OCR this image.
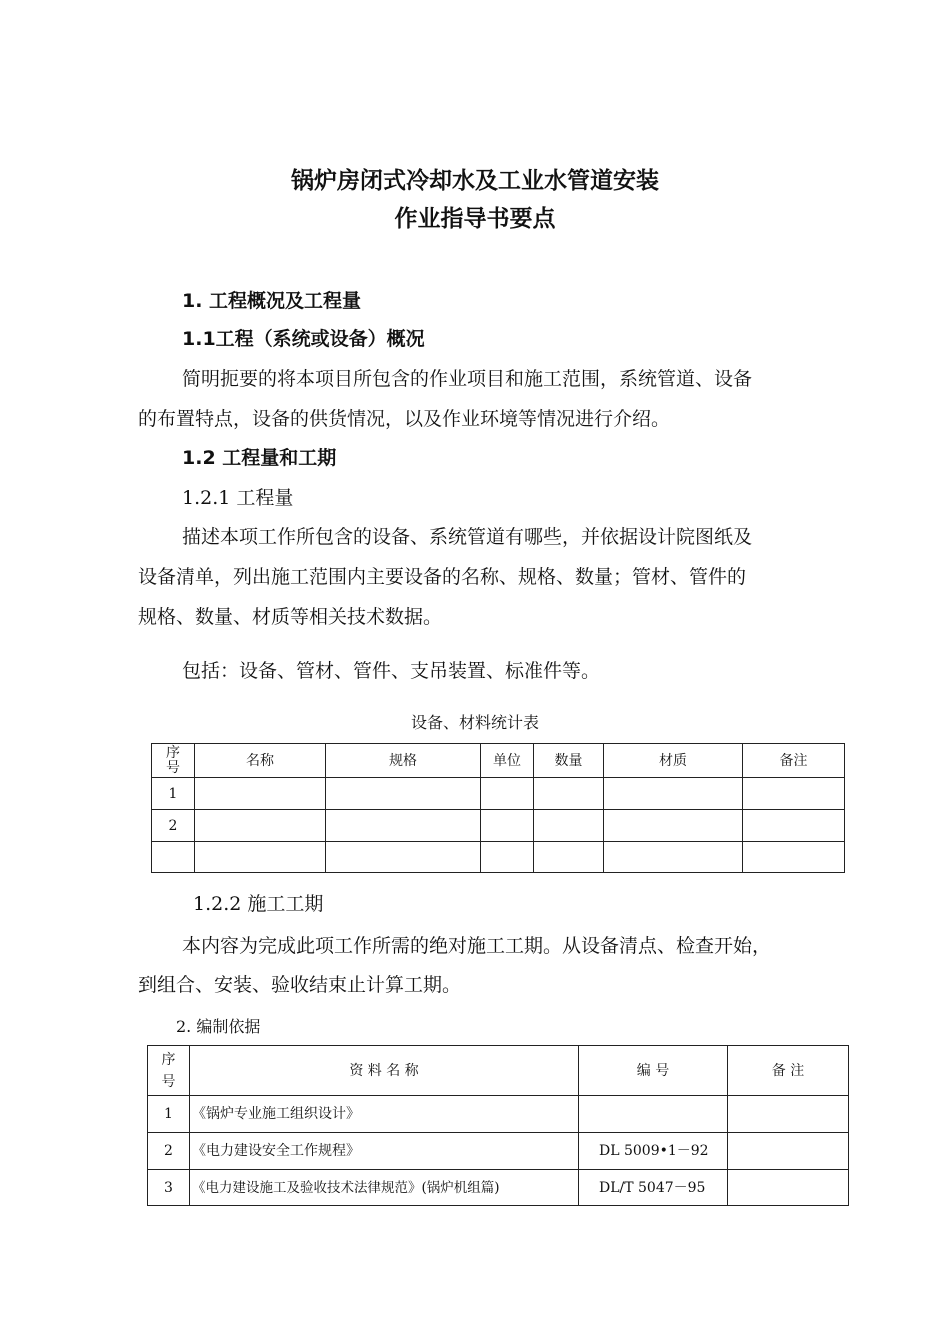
锅炉房闭式冷却水及工业水管道安装
作业指导书要点
1. 工程概况及工程量
1.1工程（系统或设备）概况
简明扼要的将本项目所包含的作业项目和施工范围，系统管道、设备
的布置特点，设备的供货情况，以及作业环境等情况进行介绍。
1.2 工程量和工期
1.2.1 工程量
描述本项工作所包含的设备、系统管道有哪些，并依据设计院图纸及
设备清单，列出施工范围内主要设备的名称、规格、数量；管材、管件的
规格、数量、材质等相关技术数据。
包括：设备、管材、管件、支吊装置、标准件等。
设备、材料统计表
序号	名称	规格	单位	数量	材质	备注
1						
2						

1.2.2 施工工期
本内容为完成此项工作所需的绝对施工工期。从设备清点、检查开始，
到组合、安装、验收结束止计算工期。
2. 编制依据
序号	资 料 名 称	编 号	备 注
1	《锅炉专业施工组织设计》		
2	《电力建设安全工作规程》	DL 5009•1－92	
3	《电力建设施工及验收技术法律规范》(锅炉机组篇)	DL/T 5047－95	
